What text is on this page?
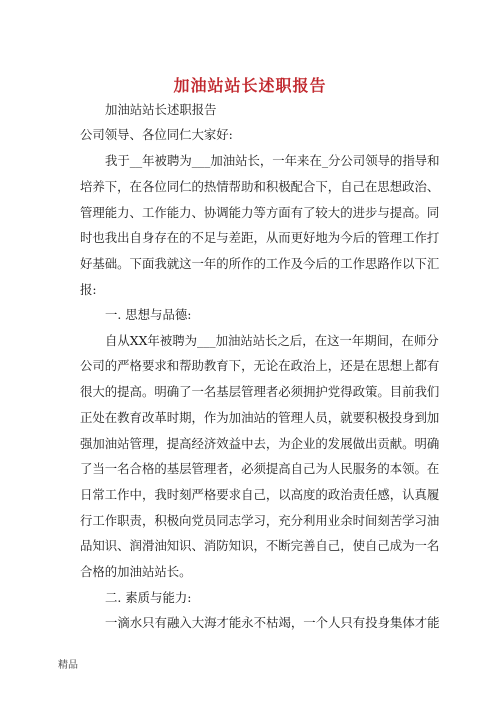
加油站站长述职报告
加油站站长述职报告
公司领导、各位同仁大家好:
我于__年被聘为___加油站长，一年来在_分公司领导的指导和
培养下，在各位同仁的热情帮助和积极配合下，自己在思想政治、
管理能力、工作能力、协调能力等方面有了较大的进步与提高。同
时也我出自身存在的不足与差距，从而更好地为今后的管理工作打
好基础。下面我就这一年的所作的工作及今后的工作思路作以下汇
报:
一. 思想与品德:
自从XX年被聘为___加油站站长之后，在这一年期间，在师分
公司的严格要求和帮助教育下，无论在政治上，还是在思想上都有
很大的提高。明确了一名基层管理者必须拥护党得政策。目前我们
正处在教育改革时期，作为加油站的管理人员，就要积极投身到加
强加油站管理，提高经济效益中去，为企业的发展做出贡献。明确
了当一名合格的基层管理者，必须提高自己为人民服务的本领。在
日常工作中，我时刻严格要求自己，以高度的政治责任感，认真履
行工作职责，积极向党员同志学习，充分利用业余时间刻苦学习油
品知识、润滑油知识、消防知识，不断完善自己，使自己成为一名
合格的加油站站长。
二. 素质与能力:
一滴水只有融入大海才能永不枯竭，一个人只有投身集体才能
精品
